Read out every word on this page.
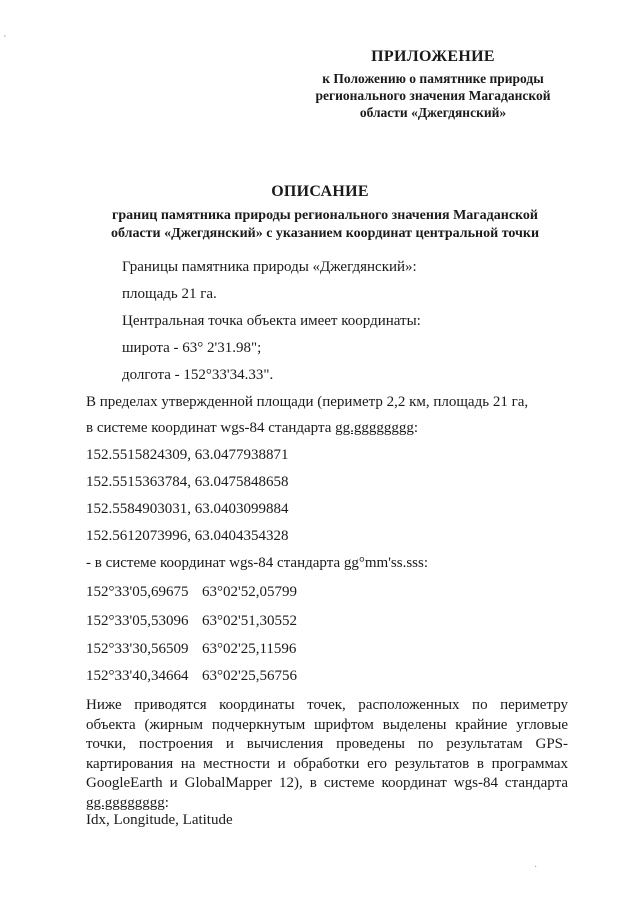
ПРИЛОЖЕНИЕ
к Положению о памятнике природы
регионального значения Магаданской
области «Джегдянский»
ОПИСАНИЕ
границ памятника природы регионального значения Магаданской
области «Джегдянский» с указанием координат центральной точки
Границы памятника природы «Джегдянский»:
площадь 21 га.
Центральная точка объекта имеет координаты:
широта - 63° 2'31.98";
долгота - 152°33'34.33".
В пределах утвержденной площади (периметр 2,2 км, площадь 21 га,
в системе координат wgs-84 стандарта gg.gggggggg:
152.5515824309, 63.0477938871
152.5515363784, 63.0475848658
152.5584903031, 63.0403099884
152.5612073996, 63.0404354328
- в системе координат wgs-84 стандарта gg°mm'ss.sss:
152°33'05,69675 63°02'52,05799
152°33'05,53096 63°02'51,30552
152°33'30,56509 63°02'25,11596
152°33'40,34664 63°02'25,56756
Ниже приводятся координаты точек, расположенных по периметру объекта (жирным подчеркнутым шрифтом выделены крайние угловые точки, построения и вычисления проведены по результатам GPS-картирования на местности и обработки его результатов в программах GoogleEarth и GlobalMapper 12), в системе координат wgs-84 стандарта gg.gggggggg:
Idx, Longitude, Latitude
'
·
